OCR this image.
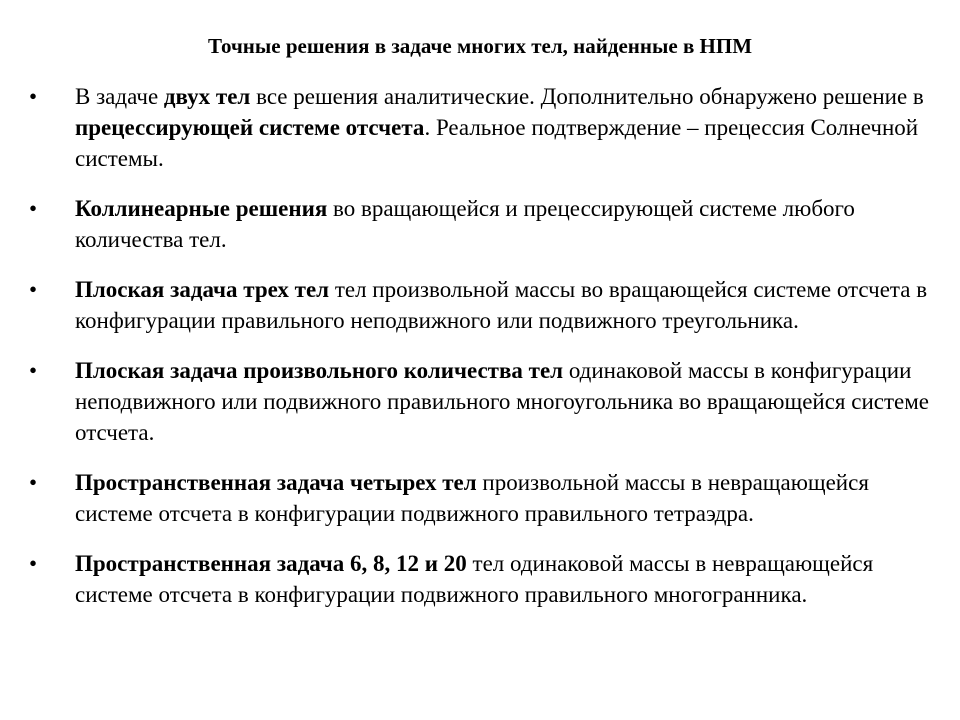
Точные решения в задаче многих тел, найденные в НПМ
• В задаче двух тел все решения аналитические. Дополнительно обнаружено решение в прецессирующей системе отсчета. Реальное подтверждение – прецессия Солнечной системы.
• Коллинеарные решения во вращающейся и прецессирующей системе любого количества тел.
• Плоская задача трех тел тел произвольной массы во вращающейся системе отсчета в конфигурации правильного неподвижного или подвижного треугольника.
• Плоская задача произвольного количества тел одинаковой массы в конфигурации неподвижного или подвижного правильного многоугольника во вращающейся системе отсчета.
• Пространственная задача четырех тел произвольной массы в невращающейся системе отсчета в конфигурации подвижного правильного тетраэдра.
• Пространственная задача 6, 8, 12 и 20 тел одинаковой массы в невращающейся системе отсчета в конфигурации подвижного правильного многогранника.
